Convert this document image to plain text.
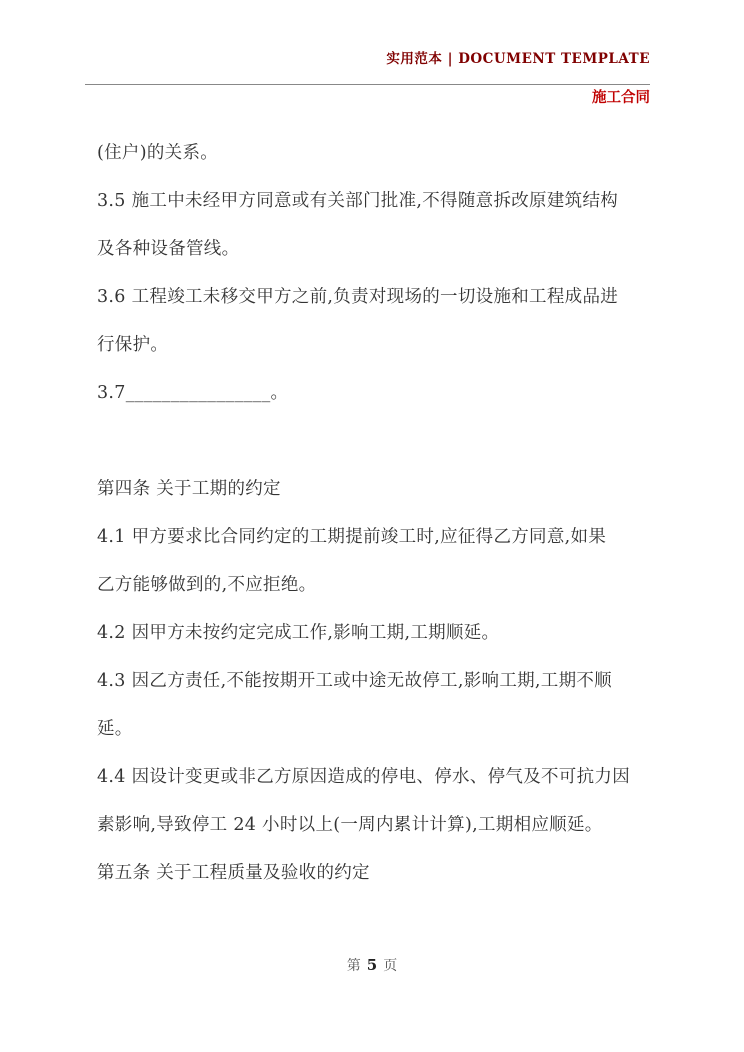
实用范本 | DOCUMENT TEMPLATE
施工合同

(住户)的关系。

3.5 施工中未经甲方同意或有关部门批准,不得随意拆改原建筑结构
及各种设备管线。

3.6 工程竣工未移交甲方之前,负责对现场的一切设施和工程成品进
行保护。

3.7________________。

第四条 关于工期的约定

4.1 甲方要求比合同约定的工期提前竣工时,应征得乙方同意,如果
乙方能够做到的,不应拒绝。

4.2 因甲方未按约定完成工作,影响工期,工期顺延。

4.3 因乙方责任,不能按期开工或中途无故停工,影响工期,工期不顺
延。

4.4 因设计变更或非乙方原因造成的停电、停水、停气及不可抗力因
素影响,导致停工 24 小时以上(一周内累计计算),工期相应顺延。

第五条 关于工程质量及验收的约定

第 5 页
